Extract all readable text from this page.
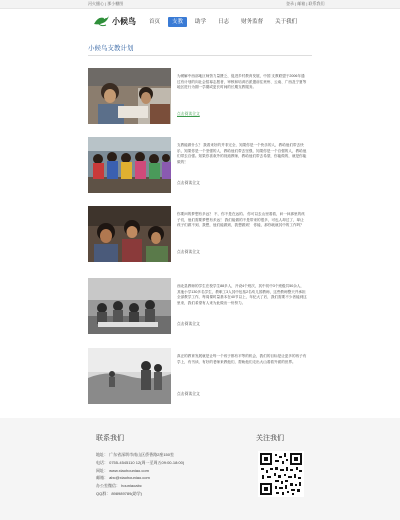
河火播心 | 那小棚图	登录 | 邮箱 | 联系我们
小候鸟	首页	支教	助学	日志	财务监督	关于我们
小候鸟支教计划
为缓解中西部地区师资力量匮乏、促进乡村教育发展，中国 支教联盟于2006年通过有计划的向社会招募志愿者，审核和培训后派遣前往贵州、云南、广西及宁夏等地区进行为期一学期或更长时间的长期支教服务。
点击阅读全文
支教能做什么？ 我看来好的并非完全，知果你是一个快乐的人，教给他们带去快乐，知果你是一个坚强的人，教给他们带去坚强，知果你是一个自强的人，教给他们带去自强。知果你喜欢外的视迪教师，教给他们带去希望，你能做的，就是你能做的！
点击阅读全文
你要问的梦想有多远？ 不，你不是在远的。 你可以去山里看看，问一问那里的孩子们，他们需要梦想有多远！ 我们能做的不是带来的很多，可也人却过了，却让孩子们做不到，我想，他们能做到，我想做到！ 你能，那你就就其中的工作吗？
点击阅读全文
西北县教师的学生在校学生88多人，开设4个班次，其中初中3个班级共50余人，其他小学130多名学生，教职工3人其中包括2名幼儿园教师，这些教师整天并承担全部教学工作，每周课时量基本在40节以上，年纪大了后，我们需要不少者能到这里来，我们希望有人来为此做出一份努力。
点击阅读全文
真正的教育发展就是让每一个孩子都有平等的机会，我们的目标是让更多的孩子有学上，有书读，有好的老师来教他们，帮助他们走出大山看看外面的世界。
点击阅读全文
联系我们
地址： 广东省深圳市南山区侨香路2座150室
电话： 0755-4545110 12(周一至周五09:00-18:00)
网址： www.xiaohouniao.com
邮箱： abc@xiaohouniao.com
办公室微信： houniaoabc
QQ群： 898989789(助学)
关注我们
